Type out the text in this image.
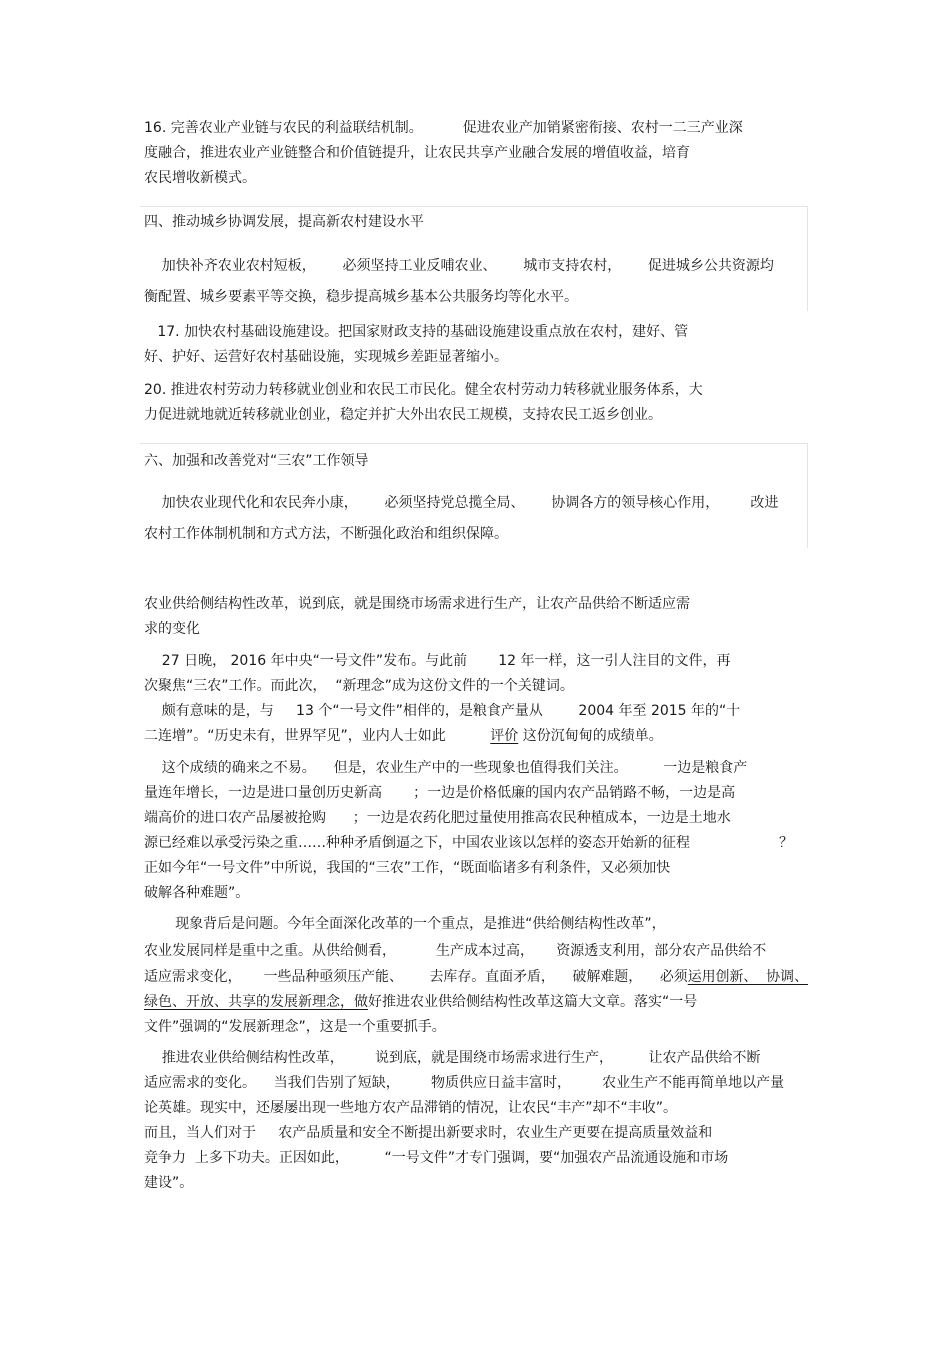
16. 完善农业产业链与农民的利益联结机制。         促进农业产加销紧密衔接、农村一二三产业深
度融合，推进农业产业链整合和价值链提升，让农民共享产业融合发展的增值收益，培育
农民增收新模式。
四、推动城乡协调发展，提高新农村建设水平
加快补齐农业农村短板，      必须坚持工业反哺农业、      城市支持农村，      促进城乡公共资源均
衡配置、城乡要素平等交换，稳步提高城乡基本公共服务均等化水平。
17. 加快农村基础设施建设。把国家财政支持的基础设施建设重点放在农村，建好、管
好、护好、运营好农村基础设施，实现城乡差距显著缩小。
20. 推进农村劳动力转移就业创业和农民工市民化。健全农村劳动力转移就业服务体系，大
力促进就地就近转移就业创业，稳定并扩大外出农民工规模，支持农民工返乡创业。
六、加强和改善党对“三农”工作领导
加快农业现代化和农民奔小康，      必须坚持党总揽全局、      协调各方的领导核心作用，       改进
农村工作体制机制和方式方法，不断强化政治和组织保障。
农业供给侧结构性改革，说到底，就是围绕市场需求进行生产，让农产品供给不断适应需
求的变化
27 日晚， 2016 年中央“一号文件”发布。与此前       12 年一样，这一引人注目的文件，再
次聚焦“三农”工作。而此次，  “新理念”成为这份文件的一个关键词。
颇有意味的是，与     13 个“一号文件”相伴的，是粮食产量从        2004 年至 2015 年的“十
二连增”。“历史未有，世界罕见”，业内人士如此          评价 这份沉甸甸的成绩单。
这个成绩的确来之不易。    但是，农业生产中的一些现象也值得我们关注。        一边是粮食产
量连年增长，一边是进口量创历史新高       ；一边是价格低廉的国内农产品销路不畅，一边是高
端高价的进口农产品屡被抢购      ；一边是农药化肥过量使用推高农民种植成本，一边是土地水
源已经难以承受污染之重……种种矛盾倒逼之下，中国农业该以怎样的姿态开始新的征程                    ？
正如今年“一号文件”中所说，我国的“三农”工作，“既面临诸多有利条件，又必须加快
破解各种难题”。
现象背后是问题。今年全面深化改革的一个重点，是推进“供给侧结构性改革”，
农业发展同样是重中之重。从供给侧看，         生产成本过高，     资源透支利用，部分农产品供给不
适应需求变化，     一些品种亟须压产能、      去库存。直面矛盾，    破解难题，    必须运用创新、  协调、
绿色、开放、共享的发展新理念，做好推进农业供给侧结构性改革这篇大文章。落实“一号
文件”强调的“发展新理念”，这是一个重要抓手。
推进农业供给侧结构性改革，       说到底，就是围绕市场需求进行生产，        让农产品供给不断
适应需求的变化。    当我们告别了短缺，       物质供应日益丰富时，       农业生产不能再简单地以产量
论英雄。现实中，还屡屡出现一些地方农产品滞销的情况，让农民“丰产”却不“丰收”。
而且，当人们对于     农产品质量和安全不断提出新要求时，农业生产更要在提高质量效益和
竞争力  上多下功夫。正因如此，        “一号文件”才专门强调，要“加强农产品流通设施和市场
建设”。
